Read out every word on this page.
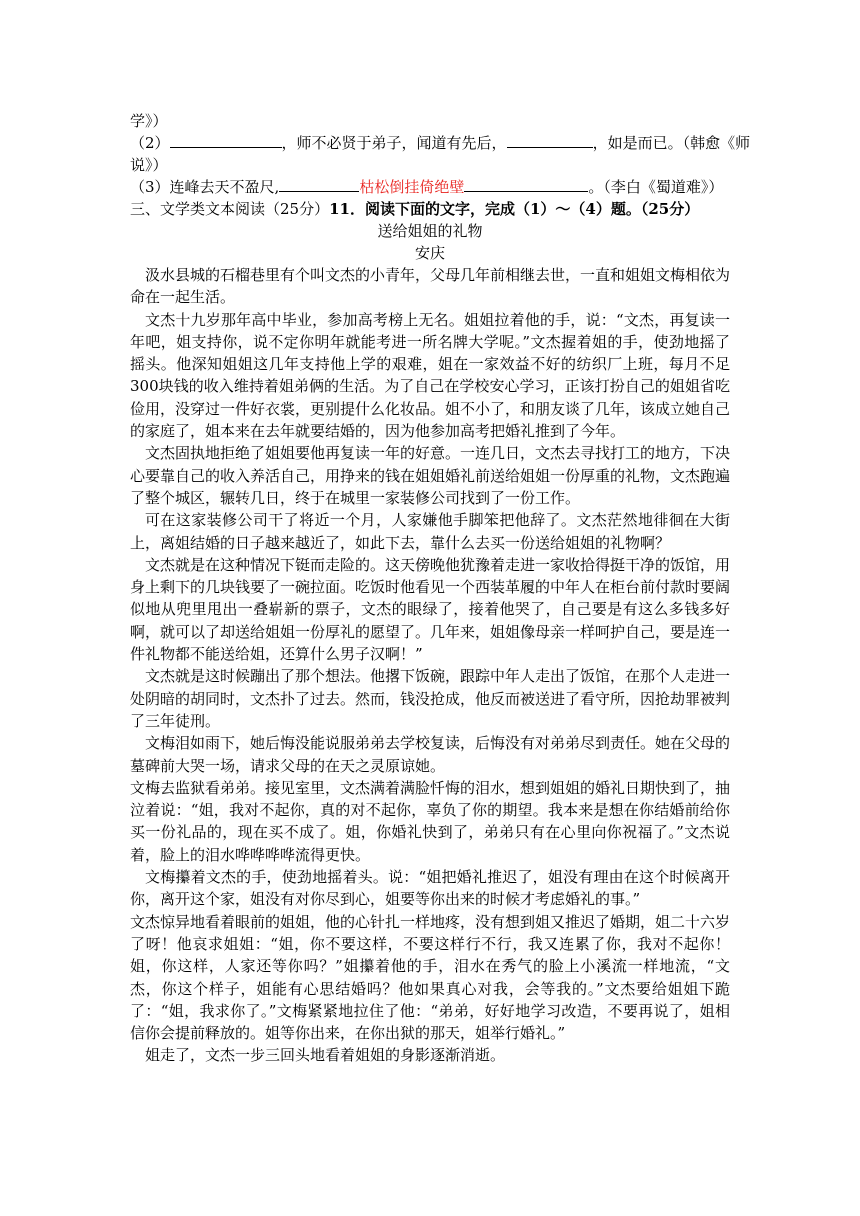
学》）
（2）	，师不必贤于弟子，闻道有先后，	，如是而已。（韩愈《师
说》）
（3）连峰去天不盈尺,	枯松倒挂倚绝壁	。（李白《蜀道难》）
三、文学类文本阅读（25分）11．阅读下面的文字，完成（1）～（4）题。（25分）
送给姐姐的礼物
安庆
汲水县城的石榴巷里有个叫文杰的小青年，父母几年前相继去世，一直和姐姐文梅相依为命在一起生活。
文杰十九岁那年高中毕业，参加高考榜上无名。姐姐拉着他的手，说：“文杰，再复读一年吧，姐支持你，说不定你明年就能考进一所名牌大学呢。”文杰握着姐的手，使劲地摇了摇头。他深知姐姐这几年支持他上学的艰难，姐在一家效益不好的纺织厂上班，每月不足300块钱的收入维持着姐弟俩的生活。为了自己在学校安心学习，正该打扮自己的姐姐省吃俭用，没穿过一件好衣裳，更别提什么化妆品。姐不小了，和朋友谈了几年，该成立她自己的家庭了，姐本来在去年就要结婚的，因为他参加高考把婚礼推到了今年。
文杰固执地拒绝了姐姐要他再复读一年的好意。一连几日，文杰去寻找打工的地方，下决心要靠自己的收入养活自己，用挣来的钱在姐姐婚礼前送给姐姐一份厚重的礼物，文杰跑遍了整个城区，辗转几日，终于在城里一家装修公司找到了一份工作。
可在这家装修公司干了将近一个月，人家嫌他手脚笨把他辞了。文杰茫然地徘徊在大街上，离姐结婚的日子越来越近了，如此下去，靠什么去买一份送给姐姐的礼物啊？
文杰就是在这种情况下铤而走险的。这天傍晚他犹豫着走进一家收拾得挺干净的饭馆，用身上剩下的几块钱要了一碗拉面。吃饭时他看见一个西装革履的中年人在柜台前付款时要阔似地从兜里甩出一叠崭新的票子，文杰的眼绿了，接着他哭了，自己要是有这么多钱多好啊，就可以了却送给姐姐一份厚礼的愿望了。几年来，姐姐像母亲一样呵护自己，要是连一件礼物都不能送给姐，还算什么男子汉啊！”
文杰就是这时候蹦出了那个想法。他撂下饭碗，跟踪中年人走出了饭馆，在那个人走进一处阴暗的胡同时，文杰扑了过去。然而，钱没抢成，他反而被送进了看守所，因抢劫罪被判了三年徒刑。
文梅泪如雨下，她后悔没能说服弟弟去学校复读，后悔没有对弟弟尽到责任。她在父母的墓碑前大哭一场，请求父母的在天之灵原谅她。
文梅去监狱看弟弟。接见室里，文杰满着满脸忏悔的泪水，想到姐姐的婚礼日期快到了，抽泣着说：“姐，我对不起你，真的对不起你，辜负了你的期望。我本来是想在你结婚前给你买一份礼品的，现在买不成了。姐，你婚礼快到了，弟弟只有在心里向你祝福了。”文杰说着，脸上的泪水哗哗哗哗流得更快。
文梅攥着文杰的手，使劲地摇着头。说：“姐把婚礼推迟了，姐没有理由在这个时候离开你，离开这个家，姐没有对你尽到心，姐要等你出来的时候才考虑婚礼的事。”
文杰惊异地看着眼前的姐姐，他的心针扎一样地疼，没有想到姐又推迟了婚期，姐二十六岁了呀！他哀求姐姐：“姐，你不要这样，不要这样行不行，我又连累了你，我对不起你！姐，你这样，人家还等你吗？”姐攥着他的手，泪水在秀气的脸上小溪流一样地流，“文杰，你这个样子，姐能有心思结婚吗？他如果真心对我，会等我的。”文杰要给姐姐下跪了：“姐，我求你了。”文梅紧紧地拉住了他：“弟弟，好好地学习改造，不要再说了，姐相信你会提前释放的。姐等你出来，在你出狱的那天，姐举行婚礼。”
姐走了，文杰一步三回头地看着姐姐的身影逐渐消逝。
